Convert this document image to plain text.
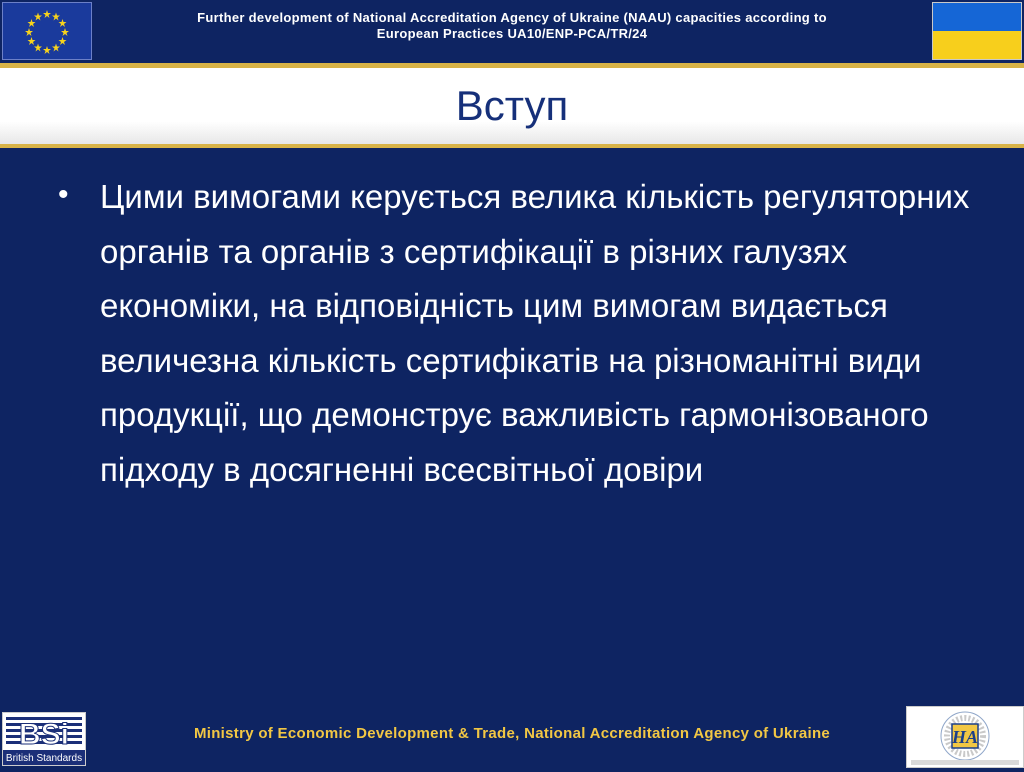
Further development of National Accreditation Agency of Ukraine (NAAU) capacities according to
European Practices UA10/ENP-PCA/TR/24
Вступ
• Цими вимогами керується велика кількість регуляторних органів та органів з сертифікації в різних галузях економіки, на відповідність цим вимогам видається величезна кількість сертифікатів на різноманітні види продукції, що демонструє важливість гармонізованого підходу в досягненні всесвітньої довіри

BSi
British Standards
Ministry of Economic Development & Trade, National Accreditation Agency of Ukraine	НА
